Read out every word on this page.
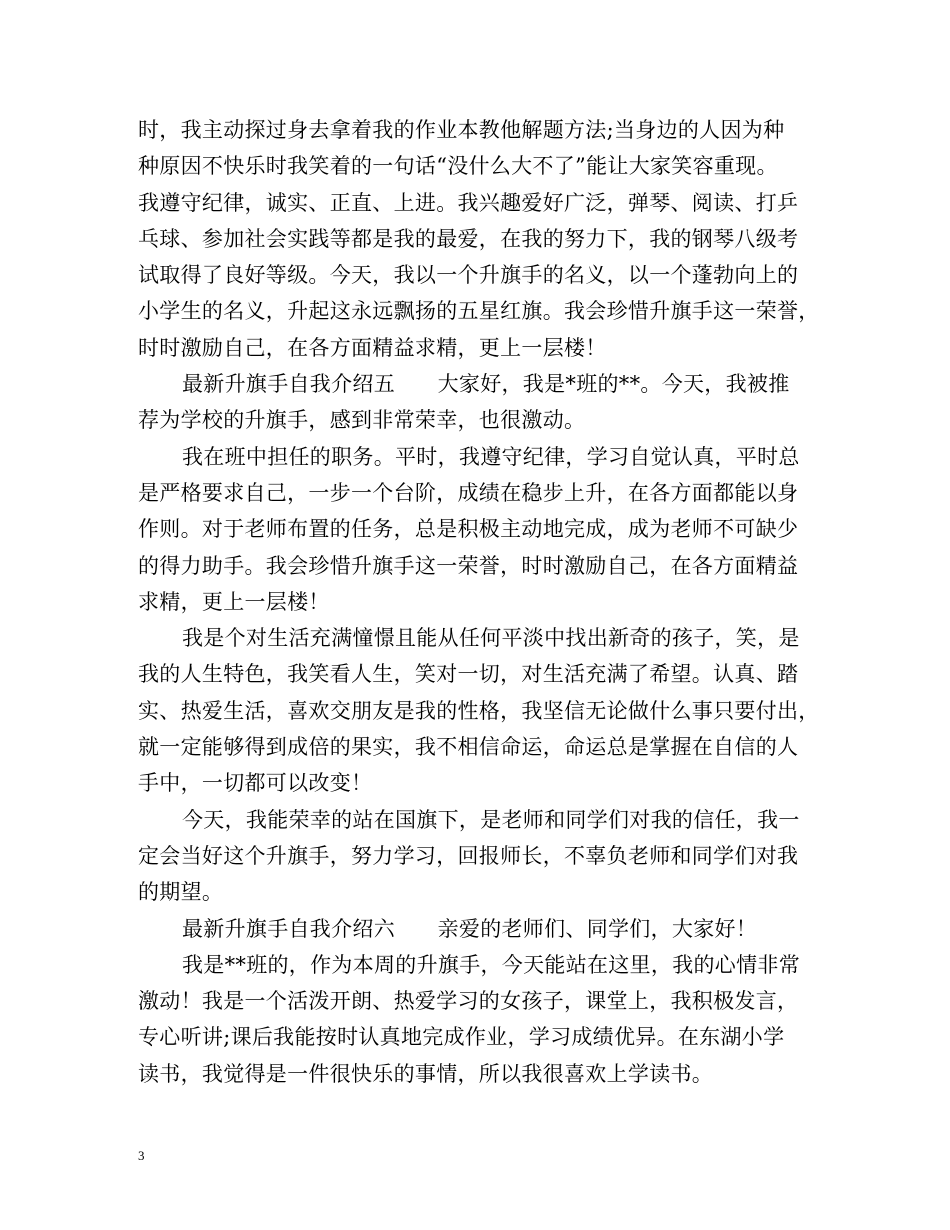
时，我主动探过身去拿着我的作业本教他解题方法;当身边的人因为种
种原因不快乐时我笑着的一句话“没什么大不了”能让大家笑容重现。
我遵守纪律，诚实、正直、上进。我兴趣爱好广泛，弹琴、阅读、打乒
乓球、参加社会实践等都是我的最爱，在我的努力下，我的钢琴八级考
试取得了良好等级。今天，我以一个升旗手的名义，以一个蓬勃向上的
小学生的名义，升起这永远飘扬的五星红旗。我会珍惜升旗手这一荣誉，
时时激励自己，在各方面精益求精，更上一层楼！
最新升旗手自我介绍五　　大家好，我是*班的**。今天，我被推
荐为学校的升旗手，感到非常荣幸，也很激动。
我在班中担任的职务。平时，我遵守纪律，学习自觉认真，平时总
是严格要求自己，一步一个台阶，成绩在稳步上升，在各方面都能以身
作则。对于老师布置的任务，总是积极主动地完成，成为老师不可缺少
的得力助手。我会珍惜升旗手这一荣誉，时时激励自己，在各方面精益
求精，更上一层楼！
我是个对生活充满憧憬且能从任何平淡中找出新奇的孩子，笑，是
我的人生特色，我笑看人生，笑对一切，对生活充满了希望。认真、踏
实、热爱生活，喜欢交朋友是我的性格，我坚信无论做什么事只要付出，
就一定能够得到成倍的果实，我不相信命运，命运总是掌握在自信的人
手中，一切都可以改变！
今天，我能荣幸的站在国旗下，是老师和同学们对我的信任，我一
定会当好这个升旗手，努力学习，回报师长，不辜负老师和同学们对我
的期望。
最新升旗手自我介绍六　　亲爱的老师们、同学们，大家好！
我是**班的，作为本周的升旗手，今天能站在这里，我的心情非常
激动！我是一个活泼开朗、热爱学习的女孩子，课堂上，我积极发言，
专心听讲;课后我能按时认真地完成作业，学习成绩优异。在东湖小学
读书，我觉得是一件很快乐的事情，所以我很喜欢上学读书。
3
